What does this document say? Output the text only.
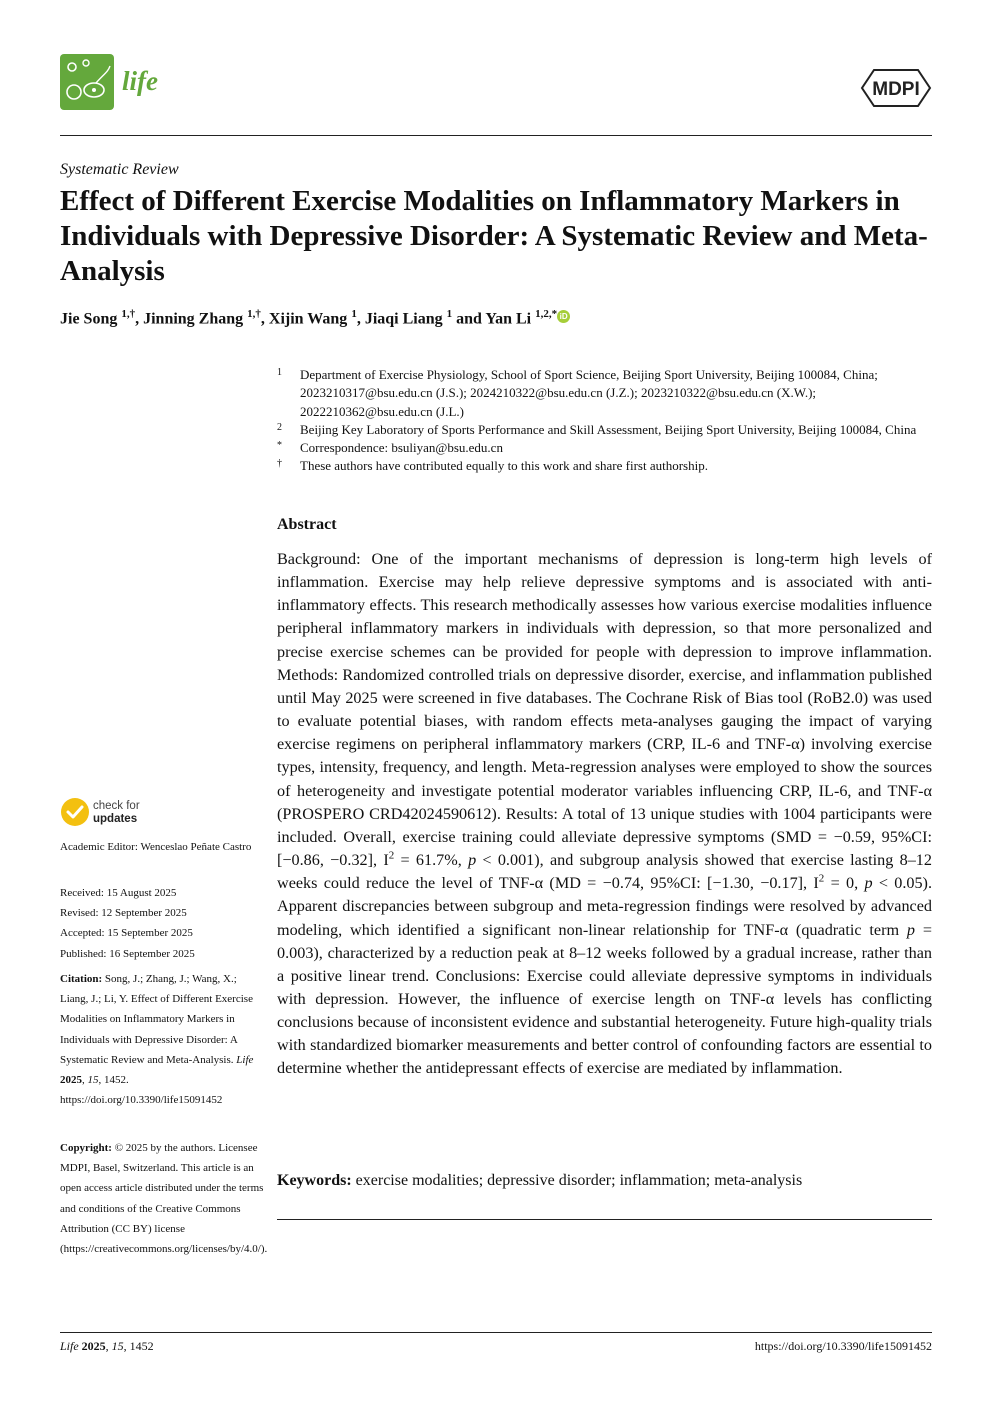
life	MDPI
Systematic Review
Effect of Different Exercise Modalities on Inflammatory Markers in Individuals with Depressive Disorder: A Systematic Review and Meta-Analysis
Jie Song $^{1,\dagger}$, Jinning Zhang $^{1,\dagger}$, Xijin Wang $^1$, Jiaqi Liang $^1$ and Yan Li $^{1,2,*}$ iD
1	Department of Exercise Physiology, School of Sport Science, Beijing Sport University, Beijing 100084, China; 2023210317@bsu.edu.cn (J.S.); 2024210322@bsu.edu.cn (J.Z.); 2023210322@bsu.edu.cn (X.W.); 2022210362@bsu.edu.cn (J.L.)
2	Beijing Key Laboratory of Sports Performance and Skill Assessment, Beijing Sport University, Beijing 100084, China
*	Correspondence: bsuliyan@bsu.edu.cn
†	These authors have contributed equally to this work and share first authorship.
Abstract

Background: One of the important mechanisms of depression is long-term high levels of inflammation. Exercise may help relieve depressive symptoms and is associated with anti-inflammatory effects. This research methodically assesses how various exercise modalities influence peripheral inflammatory markers in individuals with depression, so that more personalized and precise exercise schemes can be provided for people with depression to improve inflammation. Methods: Randomized controlled trials on depressive disorder, exercise, and inflammation published until May 2025 were screened in five databases. The Cochrane Risk of Bias tool (RoB2.0) was used to evaluate potential biases, with random effects meta-analyses gauging the impact of varying exercise regimens on peripheral inflammatory markers (CRP, IL-6 and TNF-α) involving exercise types, intensity, frequency, and length. Meta-regression analyses were employed to show the sources of heterogeneity and investigate potential moderator variables influencing CRP, IL-6, and TNF-α (PROSPERO CRD42024590612). Results: A total of 13 unique studies with 1004 participants were included. Overall, exercise training could alleviate depressive symptoms (SMD = −0.59, 95%CI: [−0.86, −0.32], $I^2 = 61.7\%$, p < 0.001), and subgroup analysis showed that exercise lasting 8–12 weeks could reduce the level of TNF-α (MD = −0.74, 95%CI: [−1.30, −0.17], $I^2 = 0$, p < 0.05). Apparent discrepancies between subgroup and meta-regression findings were resolved by advanced modeling, which identified a significant non-linear relationship for TNF-α (quadratic term p = 0.003), characterized by a reduction peak at 8–12 weeks followed by a gradual increase, rather than a positive linear trend. Conclusions: Exercise could alleviate depressive symptoms in individuals with depression. However, the influence of exercise length on TNF-α levels has conflicting conclusions because of inconsistent evidence and substantial heterogeneity. Future high-quality trials with standardized biomarker measurements and better control of confounding factors are essential to determine whether the antidepressant effects of exercise are mediated by inflammation.

Keywords: exercise modalities; depressive disorder; inflammation; meta-analysis
check for
updates
Academic Editor: Wenceslao Peñate Castro
Received: 15 August 2025
Revised: 12 September 2025
Accepted: 15 September 2025
Published: 16 September 2025
Citation: Song, J.; Zhang, J.; Wang, X.; Liang, J.; Li, Y. Effect of Different Exercise Modalities on Inflammatory Markers in Individuals with Depressive Disorder: A Systematic Review and Meta-Analysis. Life 2025, 15, 1452. https://doi.org/10.3390/life15091452
Copyright: © 2025 by the authors. Licensee MDPI, Basel, Switzerland. This article is an open access article distributed under the terms and conditions of the Creative Commons Attribution (CC BY) license (https://creativecommons.org/licenses/by/4.0/).
Life 2025, 15, 1452	https://doi.org/10.3390/life15091452
